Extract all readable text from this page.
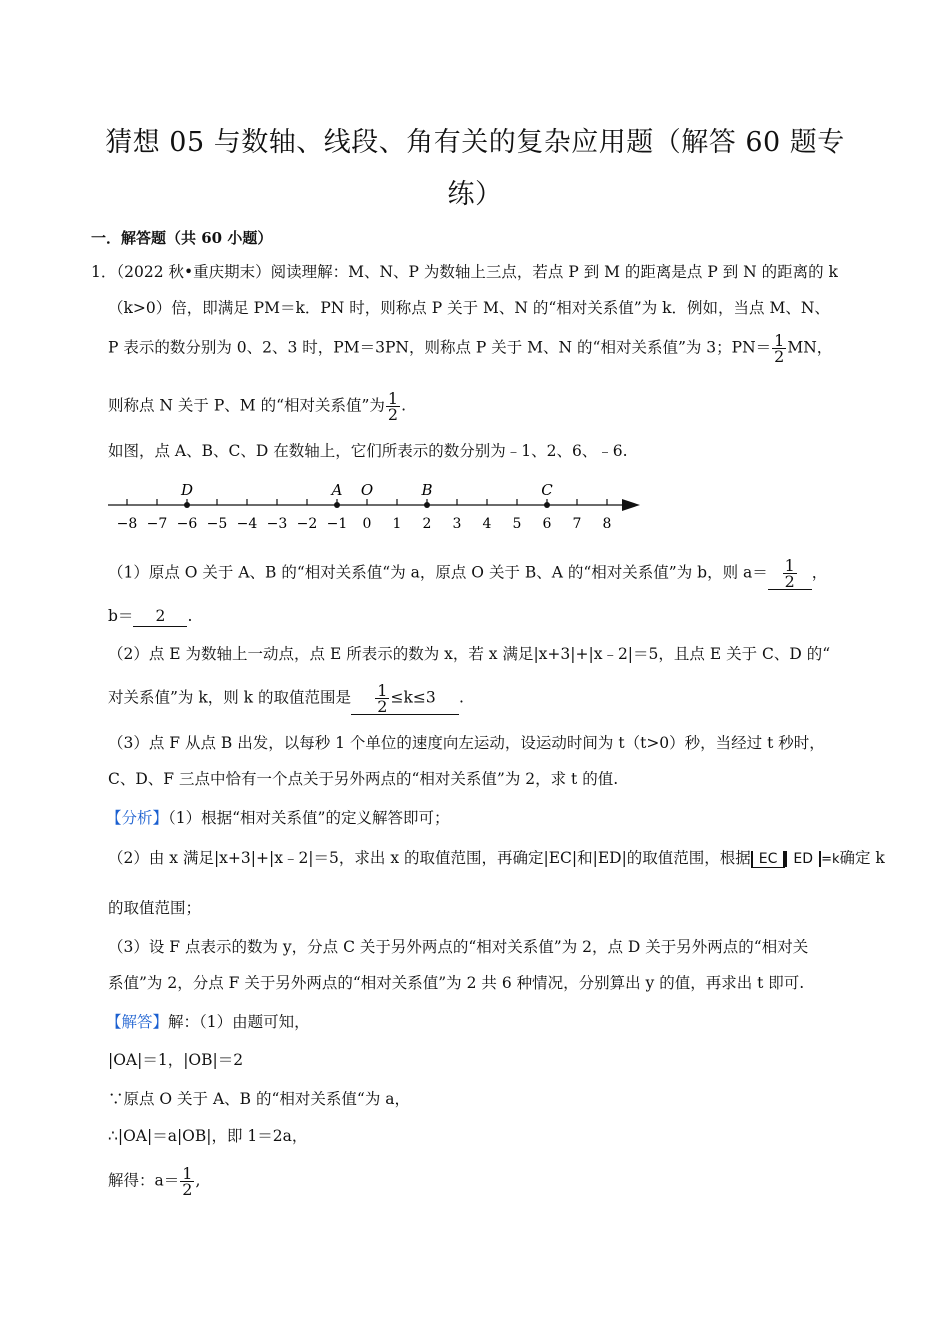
猜想 05 与数轴、线段、角有关的复杂应用题（解答 60 题专
练）
一．解答题（共 60 小题）
1．（2022 秋•重庆期末）阅读理解：M、N、P 为数轴上三点，若点 P 到 M 的距离是点 P 到 N 的距离的 k
（k>0）倍，即满足 PM＝k．PN 时，则称点 P 关于 M、N 的“相对关系值”为 k．例如，当点 M、N、
P 表示的数分别为 0、2、3 时，PM＝3PN，则称点 P 关于 M、N 的“相对关系值”为 3；$PN= \frac{1}{2}$ MN，
则称点 N 关于 P、M 的“相对关系值”为 $\frac{1}{2}$ .
如图，点 A、B、C、D 在数轴上，它们所表示的数分别为﹣1、2、6、﹣6.
−8 −7 −6 −5 −4 −3 −2 −1 0 1 2 3 4 5 6 7 8
D	A O	B	C
（1）原点 O 关于 A、B 的“相对关系值“为 a，原点 O 关于 B、A 的“相对关系值”为 b，则 $a= \frac{1}{2}$ ，
b＝ 2 .
（2）点 E 为数轴上一动点，点 E 所表示的数为 x，若 x 满足|x+3|+|x﹣2|＝5，且点 E 关于 C、D 的“
对关系值”为 k，则 k 的取值范围是 $\frac{1}{2} \le k\le 3$ .
（3）点 F 从点 B 出发，以每秒 1 个单位的速度向左运动，设运动时间为 t（t>0）秒，当经过 t 秒时，
C、D、F 三点中恰有一个点关于另外两点的“相对关系值”为 2，求 t 的值.
【分析】（1）根据“相对关系值”的定义解答即可；
（2）由 x 满足|x+3|+|x﹣2|＝5，求出 x 的取值范围，再确定|EC|和|ED|的取值范围，根据 EC ED =k确定 k
的取值范围；
（3）设 F 点表示的数为 y，分点 C 关于另外两点的“相对关系值”为 2，点 D 关于另外两点的“相对关
系值”为 2，分点 F 关于另外两点的“相对关系值”为 2 共 6 种情况，分别算出 y 的值，再求出 t 即可.
【解答】解：（1）由题可知，
|OA|＝1，|OB|＝2
∵原点 O 关于 A、B 的“相对关系值“为 a，
∴|OA|＝a|OB|，即 1＝2a，
解得：$a= \frac{1}{2}$ ,
